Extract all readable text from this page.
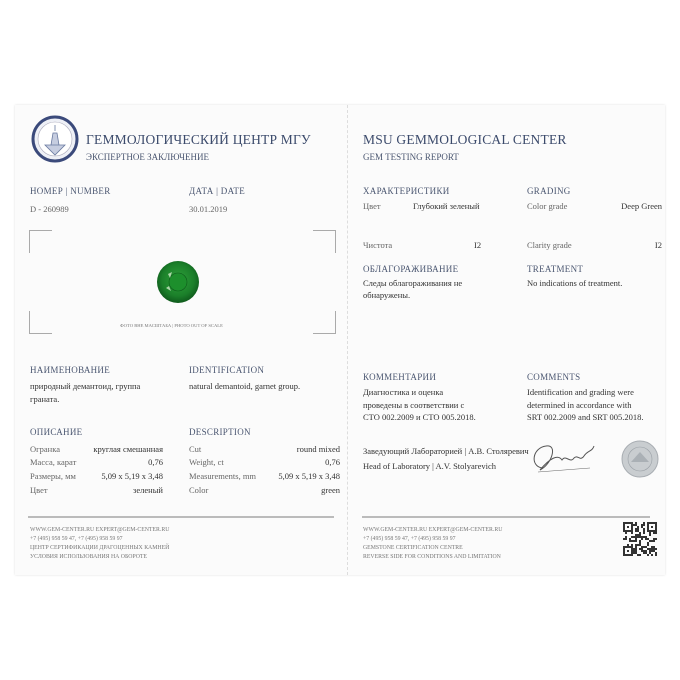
ГЕММОЛОГИЧЕСКИЙ ЦЕНТР МГУ
ЭКСПЕРТНОЕ ЗАКЛЮЧЕНИЕ
НОМЕР | NUMBER
D - 260989
ДАТА | DATE
30.01.2019
ФОТО ВНЕ МАСШТАБА | PHOTO OUT OF SCALE
НАИМЕНОВАНИЕ
природный демантоид, группа
граната.
IDENTIFICATION
natural demantoid, garnet group.
ОПИСАНИЕ	DESCRIPTION
Огранка	круглая смешанная
Масса, карат	0,76
Размеры, мм	5,09 x 5,19 x 3,48
Цвет	зеленый
Cut	round mixed
Weight, ct	0,76
Measurements, mm	5,09 x 5,19 x 3,48
Color	green
WWW.GEM-CENTER.RU EXPERT@GEM-CENTER.RU
+7 (495) 958 59 47, +7 (495) 958 59 97
ЦЕНТР СЕРТИФИКАЦИИ ДРАГОЦЕННЫХ КАМНЕЙ
УСЛОВИЯ ИСПОЛЬЗОВАНИЯ НА ОБОРОТЕ
MSU GEMMOLOGICAL CENTER
GEM TESTING REPORT
ХАРАКТЕРИСТИКИ
Цвет	Глубокий зеленый
Чистота	I2
GRADING
Color grade	Deep Green
Clarity grade	I2
ОБЛАГОРАЖИВАНИЕ
Следы облагораживания не
обнаружены.
TREATMENT
No indications of treatment.
КОММЕНТАРИИ
Диагностика и оценка
проведены в соответствии с
СТО 002.2009 и СТО 005.2018.
COMMENTS
Identification and grading were
determined in accordance with
SRT 002.2009 and SRT 005.2018.
Заведующий Лабораторией | А.В. Столяревич
Head of Laboratory | A.V. Stolyarevich
WWW.GEM-CENTER.RU EXPERT@GEM-CENTER.RU
+7 (495) 958 59 47, +7 (495) 958 59 97
GEMSTONE CERTIFICATION CENTRE
REVERSE SIDE FOR CONDITIONS AND LIMITATION
